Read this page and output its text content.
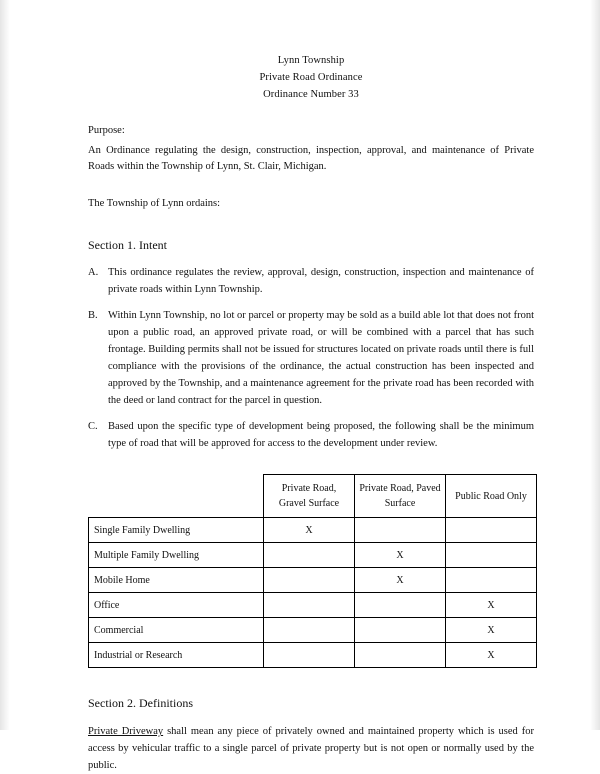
Lynn Township
Private Road Ordinance
Ordinance Number 33
Purpose:
An Ordinance regulating the design, construction, inspection, approval, and maintenance of Private Roads within the Township of Lynn, St. Clair, Michigan.
The Township of Lynn ordains:
Section 1. Intent
A. This ordinance regulates the review, approval, design, construction, inspection and maintenance of private roads within Lynn Township.
B. Within Lynn Township, no lot or parcel or property may be sold as a build able lot that does not front upon a public road, an approved private road, or will be combined with a parcel that has such frontage. Building permits shall not be issued for structures located on private roads until there is full compliance with the provisions of the ordinance, the actual construction has been inspected and approved by the Township, and a maintenance agreement for the private road has been recorded with the deed or land contract for the parcel in question.
C. Based upon the specific type of development being proposed, the following shall be the minimum type of road that will be approved for access to the development under review.
	Private Road, Gravel Surface	Private Road, Paved Surface	Public Road Only
Single Family Dwelling	X		
Multiple Family Dwelling		X	
Mobile Home		X	
Office			X
Commercial			X
Industrial or Research			X
Section 2. Definitions
Private Driveway shall mean any piece of privately owned and maintained property which is used for access by vehicular traffic to a single parcel of private property but is not open or normally used by the public.
